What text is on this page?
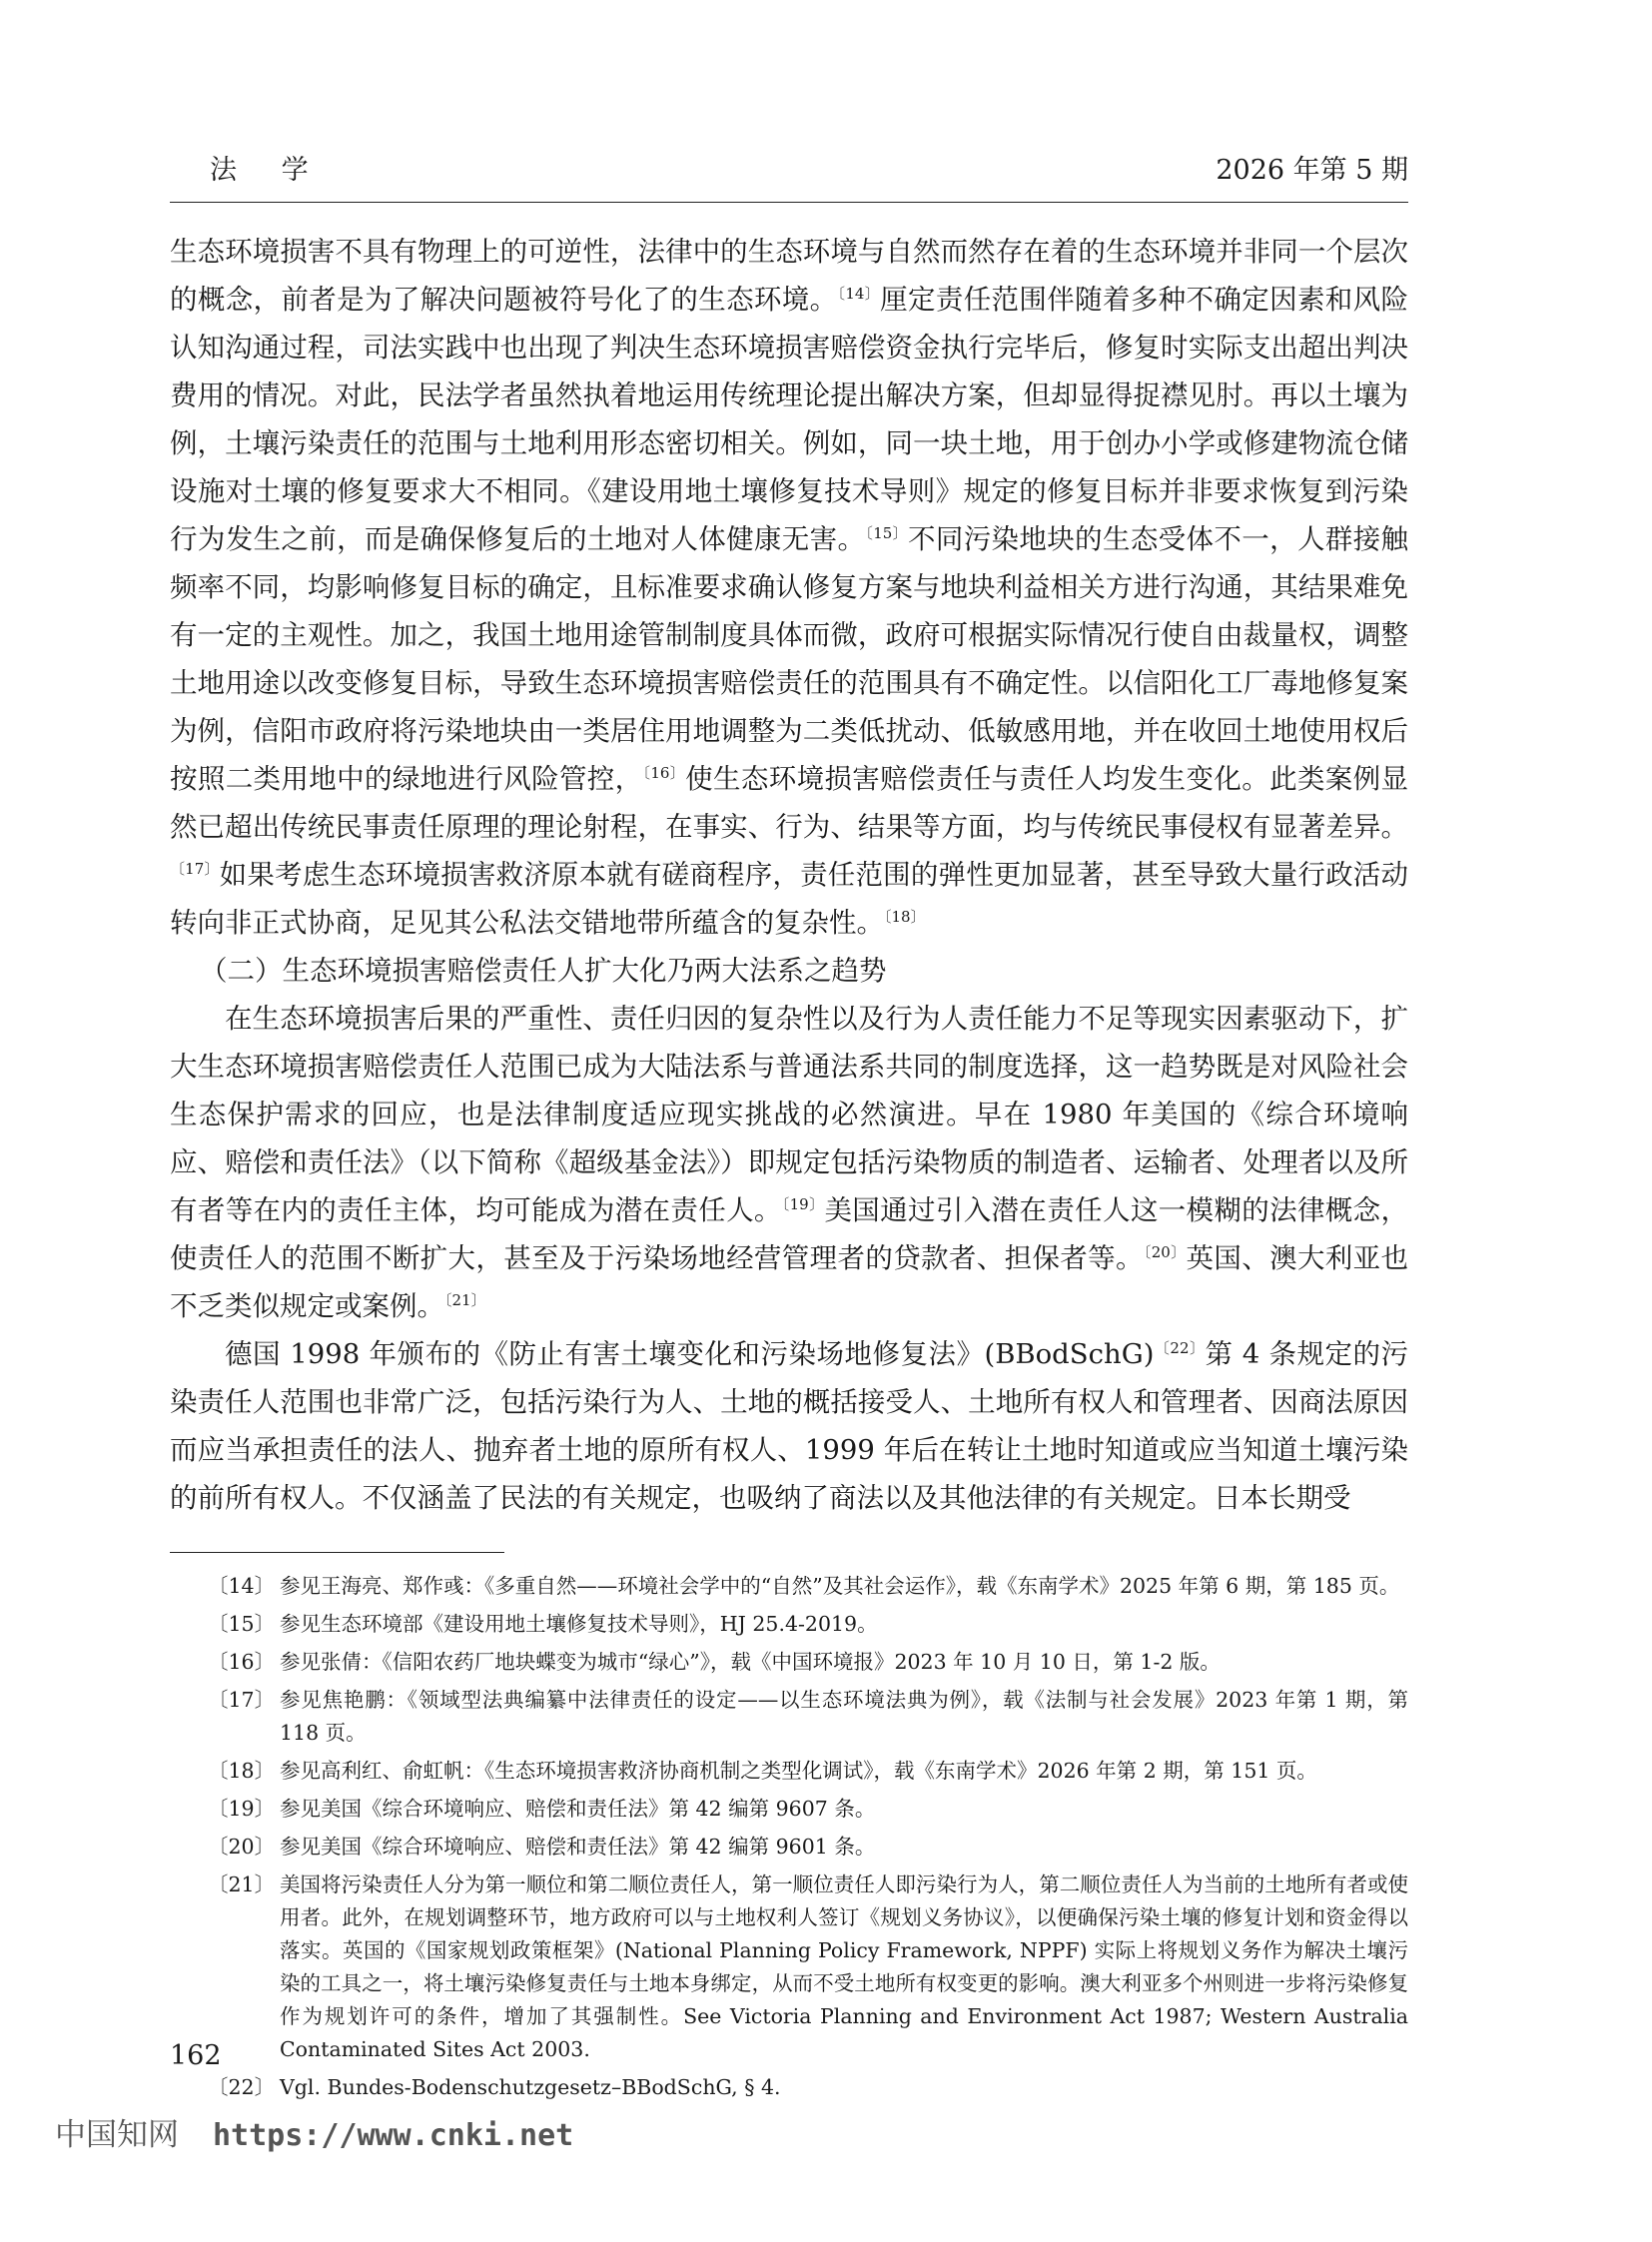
法 学	2026 年第 5 期

生态环境损害不具有物理上的可逆性，法律中的生态环境与自然而然存在着的生态环境并非同一个层次的概念，前者是为了解决问题被符号化了的生态环境。$^{〔14〕}$厘定责任范围伴随着多种不确定因素和风险认知沟通过程，司法实践中也出现了判决生态环境损害赔偿资金执行完毕后，修复时实际支出超出判决费用的情况。对此，民法学者虽然执着地运用传统理论提出解决方案，但却显得捉襟见肘。再以土壤为例，土壤污染责任的范围与土地利用形态密切相关。例如，同一块土地，用于创办小学或修建物流仓储设施对土壤的修复要求大不相同。《建设用地土壤修复技术导则》规定的修复目标并非要求恢复到污染行为发生之前，而是确保修复后的土地对人体健康无害。$^{〔15〕}$不同污染地块的生态受体不一，人群接触频率不同，均影响修复目标的确定，且标准要求确认修复方案与地块利益相关方进行沟通，其结果难免有一定的主观性。加之，我国土地用途管制制度具体而微，政府可根据实际情况行使自由裁量权，调整土地用途以改变修复目标，导致生态环境损害赔偿责任的范围具有不确定性。以信阳化工厂毒地修复案为例，信阳市政府将污染地块由一类居住用地调整为二类低扰动、低敏感用地，并在收回土地使用权后按照二类用地中的绿地进行风险管控，$^{〔16〕}$使生态环境损害赔偿责任与责任人均发生变化。此类案例显然已超出传统民事责任原理的理论射程，在事实、行为、结果等方面，均与传统民事侵权有显著差异。$^{〔17〕}$如果考虑生态环境损害救济原本就有磋商程序，责任范围的弹性更加显著，甚至导致大量行政活动转向非正式协商，足见其公私法交错地带所蕴含的复杂性。$^{〔18〕}$

（二）生态环境损害赔偿责任人扩大化乃两大法系之趋势

在生态环境损害后果的严重性、责任归因的复杂性以及行为人责任能力不足等现实因素驱动下，扩大生态环境损害赔偿责任人范围已成为大陆法系与普通法系共同的制度选择，这一趋势既是对风险社会生态保护需求的回应，也是法律制度适应现实挑战的必然演进。早在 1980 年美国的《综合环境响应、赔偿和责任法》（以下简称《超级基金法》）即规定包括污染物质的制造者、运输者、处理者以及所有者等在内的责任主体，均可能成为潜在责任人。$^{〔19〕}$美国通过引入潜在责任人这一模糊的法律概念，使责任人的范围不断扩大，甚至及于污染场地经营管理者的贷款者、担保者等。$^{〔20〕}$英国、澳大利亚也不乏类似规定或案例。$^{〔21〕}$

德国 1998 年颁布的《防止有害土壤变化和污染场地修复法》(BBodSchG)$^{〔22〕}$第 4 条规定的污染责任人范围也非常广泛，包括污染行为人、土地的概括接受人、土地所有权人和管理者、因商法原因而应当承担责任的法人、抛弃者土地的原所有权人、1999 年后在转让土地时知道或应当知道土壤污染的前所有权人。不仅涵盖了民法的有关规定，也吸纳了商法以及其他法律的有关规定。日本长期受

〔14〕 参见王海亮、郑作彧：《多重自然——环境社会学中的“自然”及其社会运作》，载《东南学术》2025 年第 6 期，第 185 页。
〔15〕 参见生态环境部《建设用地土壤修复技术导则》，HJ 25.4-2019。
〔16〕 参见张倩：《信阳农药厂地块蝶变为城市“绿心”》，载《中国环境报》2023 年 10 月 10 日，第 1-2 版。
〔17〕 参见焦艳鹏：《领域型法典编纂中法律责任的设定——以生态环境法典为例》，载《法制与社会发展》2023 年第 1 期，第 118 页。
〔18〕 参见高利红、俞虹帆：《生态环境损害救济协商机制之类型化调试》，载《东南学术》2026 年第 2 期，第 151 页。
〔19〕 参见美国《综合环境响应、赔偿和责任法》第 42 编第 9607 条。
〔20〕 参见美国《综合环境响应、赔偿和责任法》第 42 编第 9601 条。
〔21〕 美国将污染责任人分为第一顺位和第二顺位责任人，第一顺位责任人即污染行为人，第二顺位责任人为当前的土地所有者或使用者。此外，在规划调整环节，地方政府可以与土地权利人签订《规划义务协议》，以便确保污染土壤的修复计划和资金得以落实。英国的《国家规划政策框架》(National Planning Policy Framework, NPPF) 实际上将规划义务作为解决土壤污染的工具之一，将土壤污染修复责任与土地本身绑定，从而不受土地所有权变更的影响。澳大利亚多个州则进一步将污染修复作为规划许可的条件，增加了其强制性。See Victoria Planning and Environment Act 1987; Western Australia Contaminated Sites Act 2003.
〔22〕 Vgl. Bundes-Bodenschutzgesetz–BBodSchG, § 4.
162
中国知网 https://www.cnki.net
